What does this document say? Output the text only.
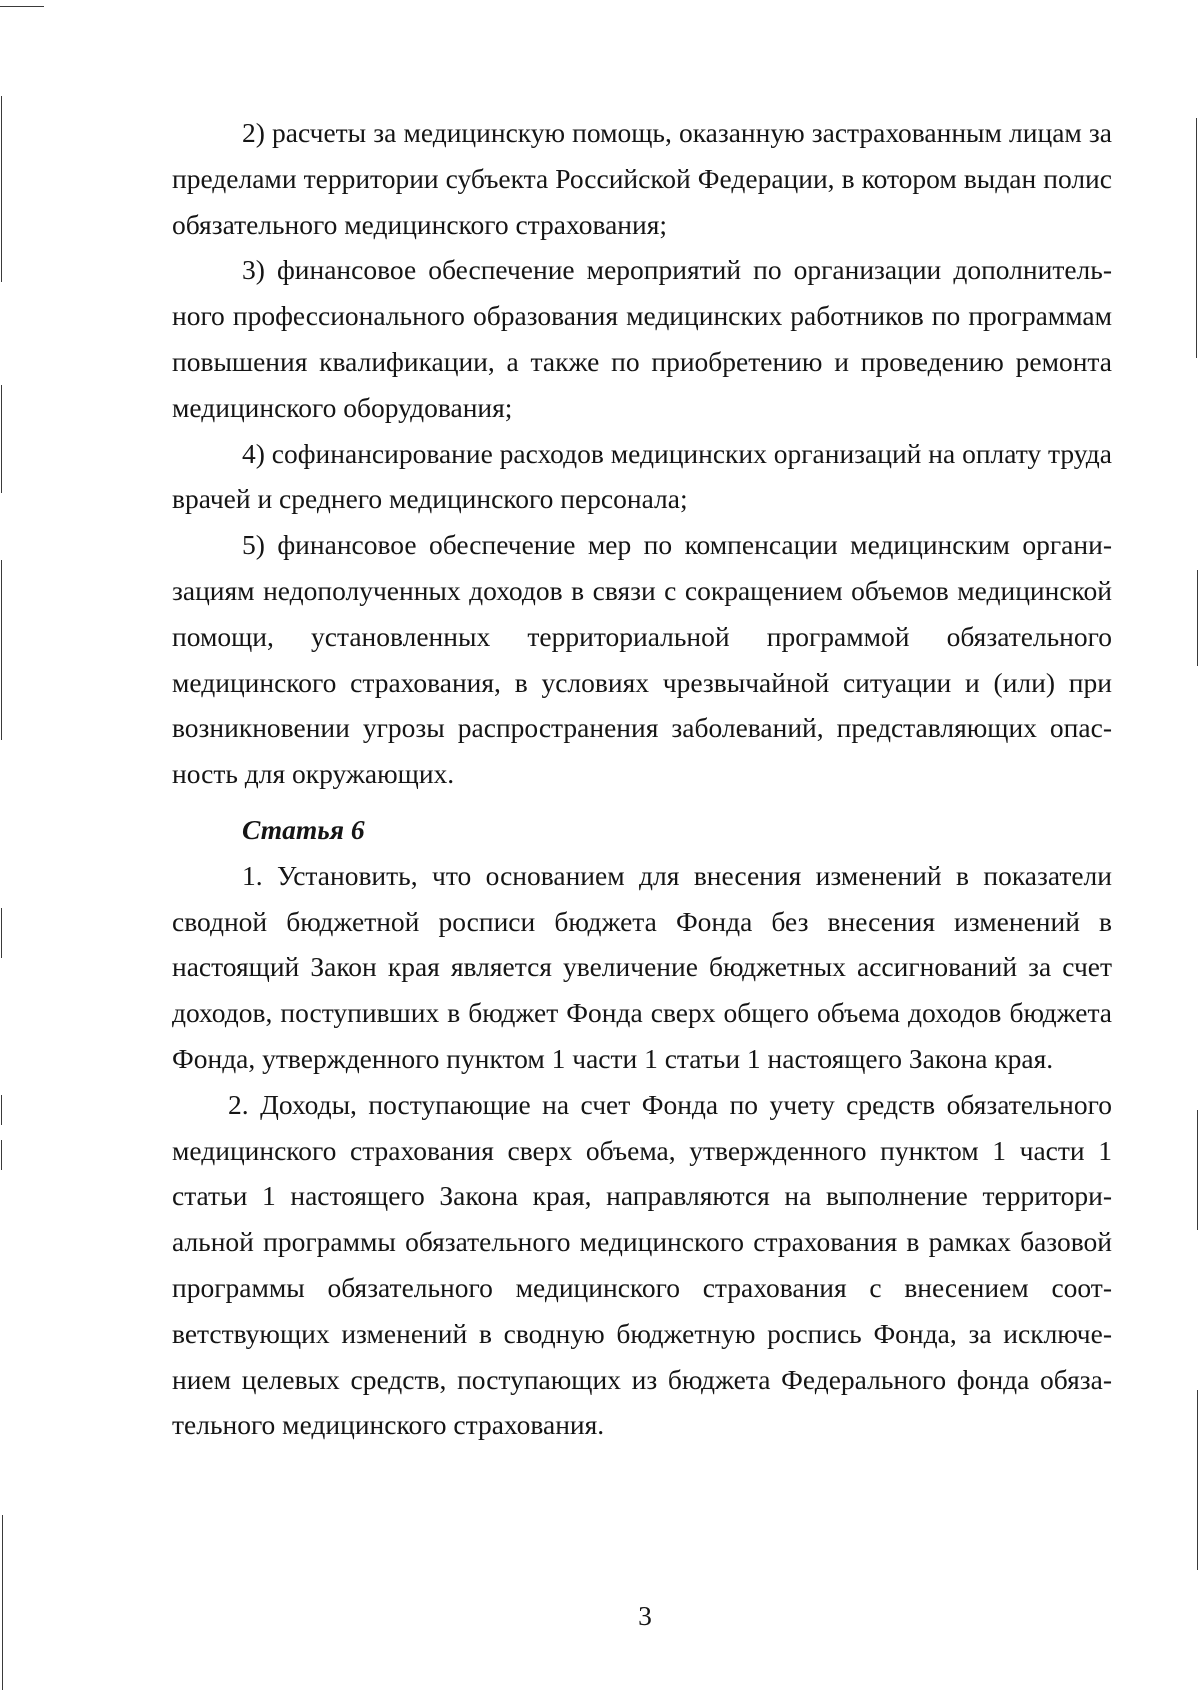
2) расчеты за медицинскую помощь, оказанную застрахованным лицам за пределами территории субъекта Российской Федерации, в котором выдан полис обязательного медицинского страхования;

3) финансовое обеспечение мероприятий по организации дополнительного профессионального образования медицинских работников по программам повышения квалификации, а также по приобретению и проведению ремонта медицинского оборудования;

4) софинансирование расходов медицинских организаций на оплату труда врачей и среднего медицинского персонала;

5) финансовое обеспечение мер по компенсации медицинским организациям недополученных доходов в связи с сокращением объемов медицинской помощи, установленных территориальной программой обязательного медицинского страхования, в условиях чрезвычайной ситуации и (или) при возникновении угрозы распространения заболеваний, представляющих опасность для окружающих.

Статья 6

1. Установить, что основанием для внесения изменений в показатели сводной бюджетной росписи бюджета Фонда без внесения изменений в настоящий Закон края является увеличение бюджетных ассигнований за счет доходов, поступивших в бюджет Фонда сверх общего объема доходов бюджета Фонда, утвержденного пунктом 1 части 1 статьи 1 настоящего Закона края.

2. Доходы, поступающие на счет Фонда по учету средств обязательного медицинского страхования сверх объема, утвержденного пунктом 1 части 1 статьи 1 настоящего Закона края, направляются на выполнение территориальной программы обязательного медицинского страхования в рамках базовой программы обязательного медицинского страхования с внесением соответствующих изменений в сводную бюджетную роспись Фонда, за исключением целевых средств, поступающих из бюджета Федерального фонда обязательного медицинского страхования.

3
